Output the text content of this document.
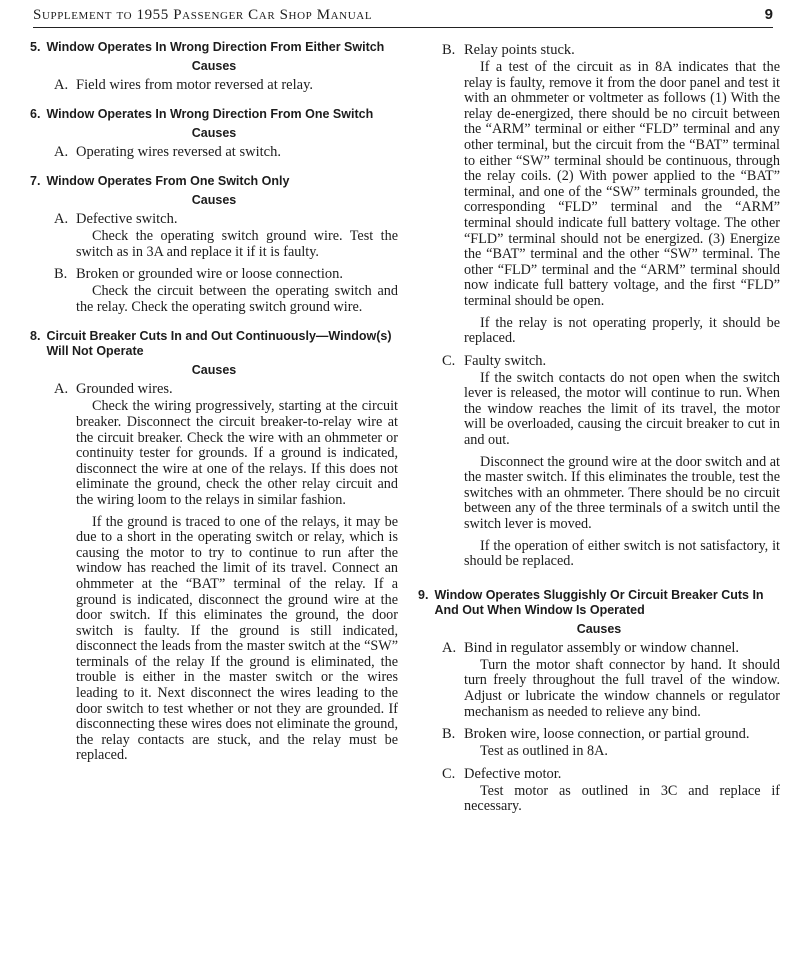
Supplement to 1955 Passenger Car Shop Manual	9
5. Window Operates In Wrong Direction From Either Switch
Causes
A. Field wires from motor reversed at relay.
6. Window Operates In Wrong Direction From One Switch
Causes
A. Operating wires reversed at switch.
7. Window Operates From One Switch Only
Causes
A. Defective switch.

Check the operating switch ground wire. Test the switch as in 3A and replace it if it is faulty.

B. Broken or grounded wire or loose connection.

Check the circuit between the operating switch and the relay. Check the operating switch ground wire.

8. Circuit Breaker Cuts In and Out Continuously—Window(s) Will Not Operate
Causes
A. Grounded wires.

Check the wiring progressively, starting at the circuit breaker. Disconnect the circuit breaker-to-relay wire at the circuit breaker. Check the wire with an ohmmeter or continuity tester for grounds. If a ground is indicated, disconnect the wire at one of the relays. If this does not eliminate the ground, check the other relay circuit and the wiring loom to the relays in similar fashion.

If the ground is traced to one of the relays, it may be due to a short in the operating switch or relay, which is causing the motor to try to continue to run after the window has reached the limit of its travel. Connect an ohmmeter at the “BAT” terminal of the relay. If a ground is indicated, disconnect the ground wire at the door switch. If this eliminates the ground, the door switch is faulty. If the ground is still indicated, disconnect the leads from the master switch at the “SW” terminals of the relay If the ground is eliminated, the trouble is either in the master switch or the wires leading to it. Next disconnect the wires leading to the door switch to test whether or not they are grounded. If disconnecting these wires does not eliminate the ground, the relay contacts are stuck, and the relay must be replaced.

B. Relay points stuck.

If a test of the circuit as in 8A indicates that the relay is faulty, remove it from the door panel and test it with an ohmmeter or voltmeter as follows (1) With the relay de-energized, there should be no circuit between the “ARM” terminal or either “FLD” terminal and any other terminal, but the circuit from the “BAT” terminal to either “SW” terminal should be continuous, through the relay coils. (2) With power applied to the “BAT” terminal, and one of the “SW” terminals grounded, the corresponding “FLD” terminal and the “ARM” terminal should indicate full battery voltage. The other “FLD” terminal should not be energized. (3) Energize the “BAT” terminal and the other “SW” terminal. The other “FLD” terminal and the “ARM” terminal should now indicate full battery voltage, and the first “FLD” terminal should be open.

If the relay is not operating properly, it should be replaced.

C. Faulty switch.

If the switch contacts do not open when the switch lever is released, the motor will continue to run. When the window reaches the limit of its travel, the motor will be overloaded, causing the circuit breaker to cut in and out.

Disconnect the ground wire at the door switch and at the master switch. If this eliminates the trouble, test the switches with an ohmmeter. There should be no circuit between any of the three terminals of a switch until the switch lever is moved.

If the operation of either switch is not satisfactory, it should be replaced.

9. Window Operates Sluggishly Or Circuit Breaker Cuts In And Out When Window Is Operated
Causes
A. Bind in regulator assembly or window channel.

Turn the motor shaft connector by hand. It should turn freely throughout the full travel of the window. Adjust or lubricate the window channels or regulator mechanism as needed to relieve any bind.

B. Broken wire, loose connection, or partial ground.

Test as outlined in 8A.

C. Defective motor.

Test motor as outlined in 3C and replace if necessary.
